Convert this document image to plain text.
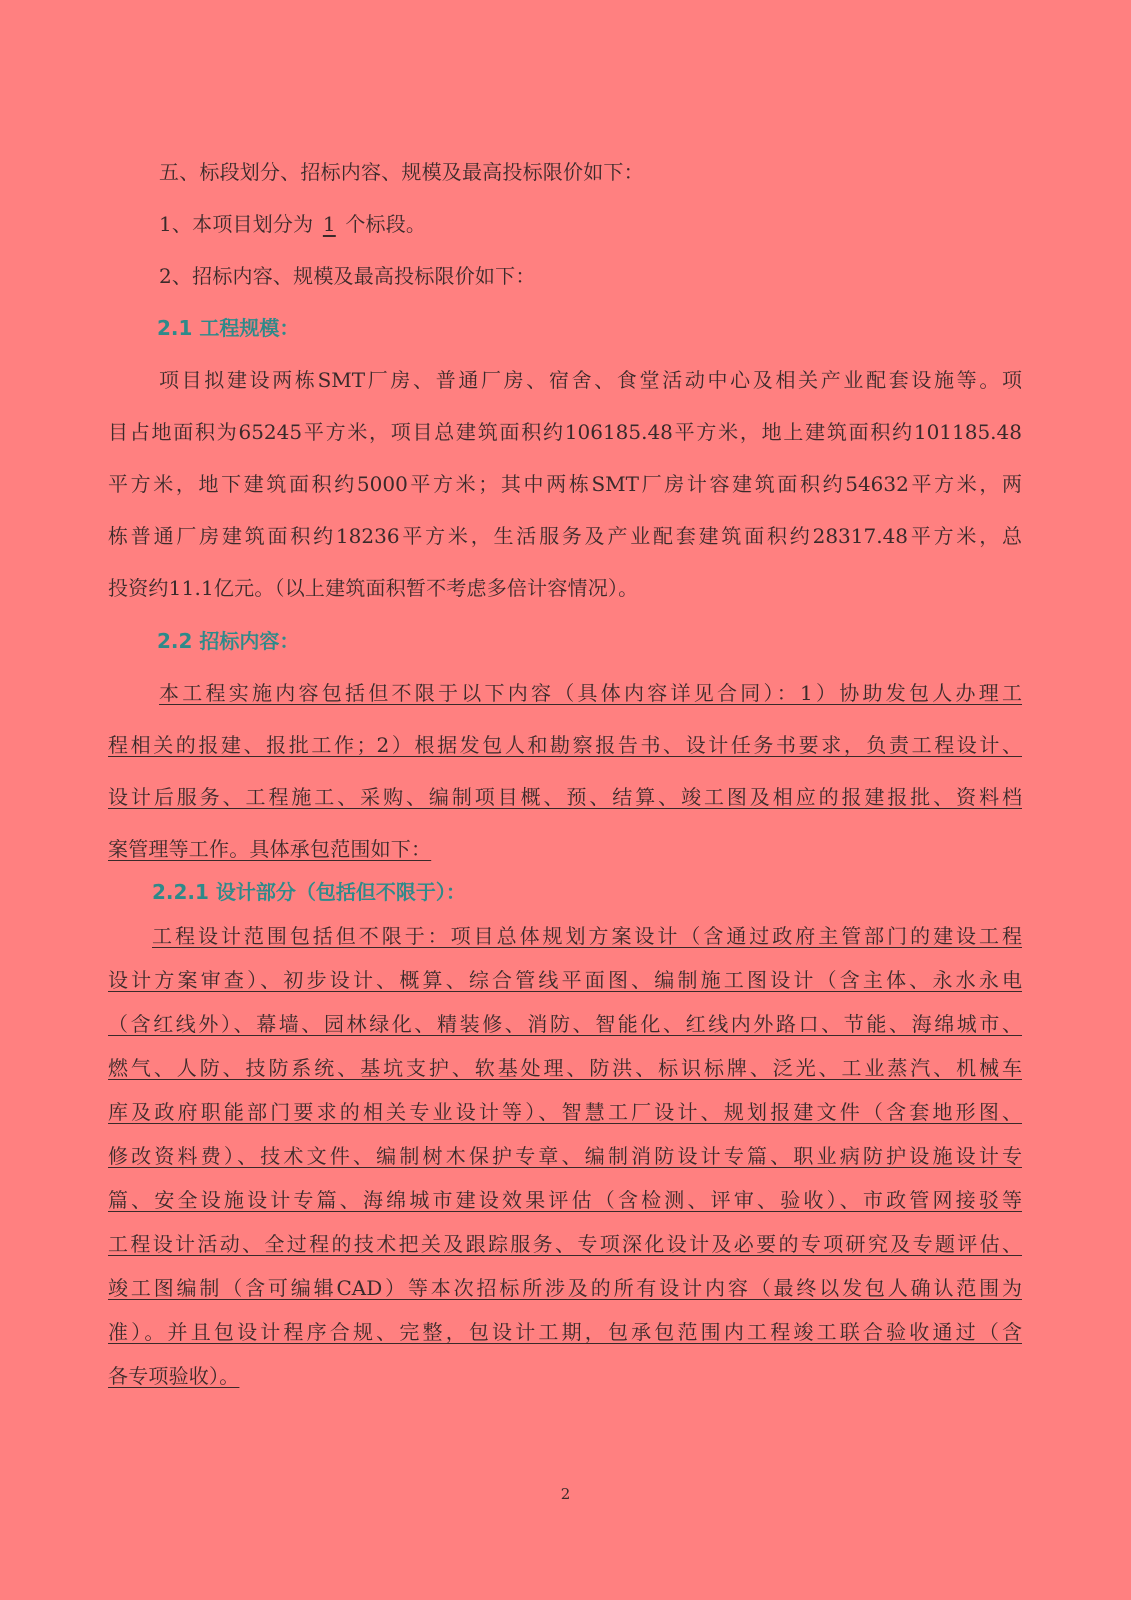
五、标段划分、招标内容、规模及最高投标限价如下：
1、本项目划分为 1 个标段。
2、招标内容、规模及最高投标限价如下：
2.1 工程规模：
项目拟建设两栋SMT厂房、普通厂房、宿舍、食堂活动中心及相关产业配套设施等。项
目占地面积为65245平方米，项目总建筑面积约106185.48平方米，地上建筑面积约101185.48
平方米，地下建筑面积约5000平方米；其中两栋SMT厂房计容建筑面积约54632平方米，两
栋普通厂房建筑面积约18236平方米，生活服务及产业配套建筑面积约28317.48平方米，总
投资约11.1亿元。（以上建筑面积暂不考虑多倍计容情况）。
2.2 招标内容：
本工程实施内容包括但不限于以下内容（具体内容详见合同）：1）协助发包人办理工
程相关的报建、报批工作；2）根据发包人和勘察报告书、设计任务书要求，负责工程设计、
设计后服务、工程施工、采购、编制项目概、预、结算、竣工图及相应的报建报批、资料档
案管理等工作。具体承包范围如下：
2.2.1 设计部分（包括但不限于）：
工程设计范围包括但不限于：项目总体规划方案设计（含通过政府主管部门的建设工程
设计方案审查）、初步设计、概算、综合管线平面图、编制施工图设计（含主体、永水永电
（含红线外）、幕墙、园林绿化、精装修、消防、智能化、红线内外路口、节能、海绵城市、
燃气、人防、技防系统、基坑支护、软基处理、防洪、标识标牌、泛光、工业蒸汽、机械车
库及政府职能部门要求的相关专业设计等）、智慧工厂设计、规划报建文件（含套地形图、
修改资料费）、技术文件、编制树木保护专章、编制消防设计专篇、职业病防护设施设计专
篇、安全设施设计专篇、海绵城市建设效果评估（含检测、评审、验收）、市政管网接驳等
工程设计活动、全过程的技术把关及跟踪服务、专项深化设计及必要的专项研究及专题评估、
竣工图编制（含可编辑CAD）等本次招标所涉及的所有设计内容（最终以发包人确认范围为
准）。并且包设计程序合规、完整，包设计工期，包承包范围内工程竣工联合验收通过（含
各专项验收）。
2
